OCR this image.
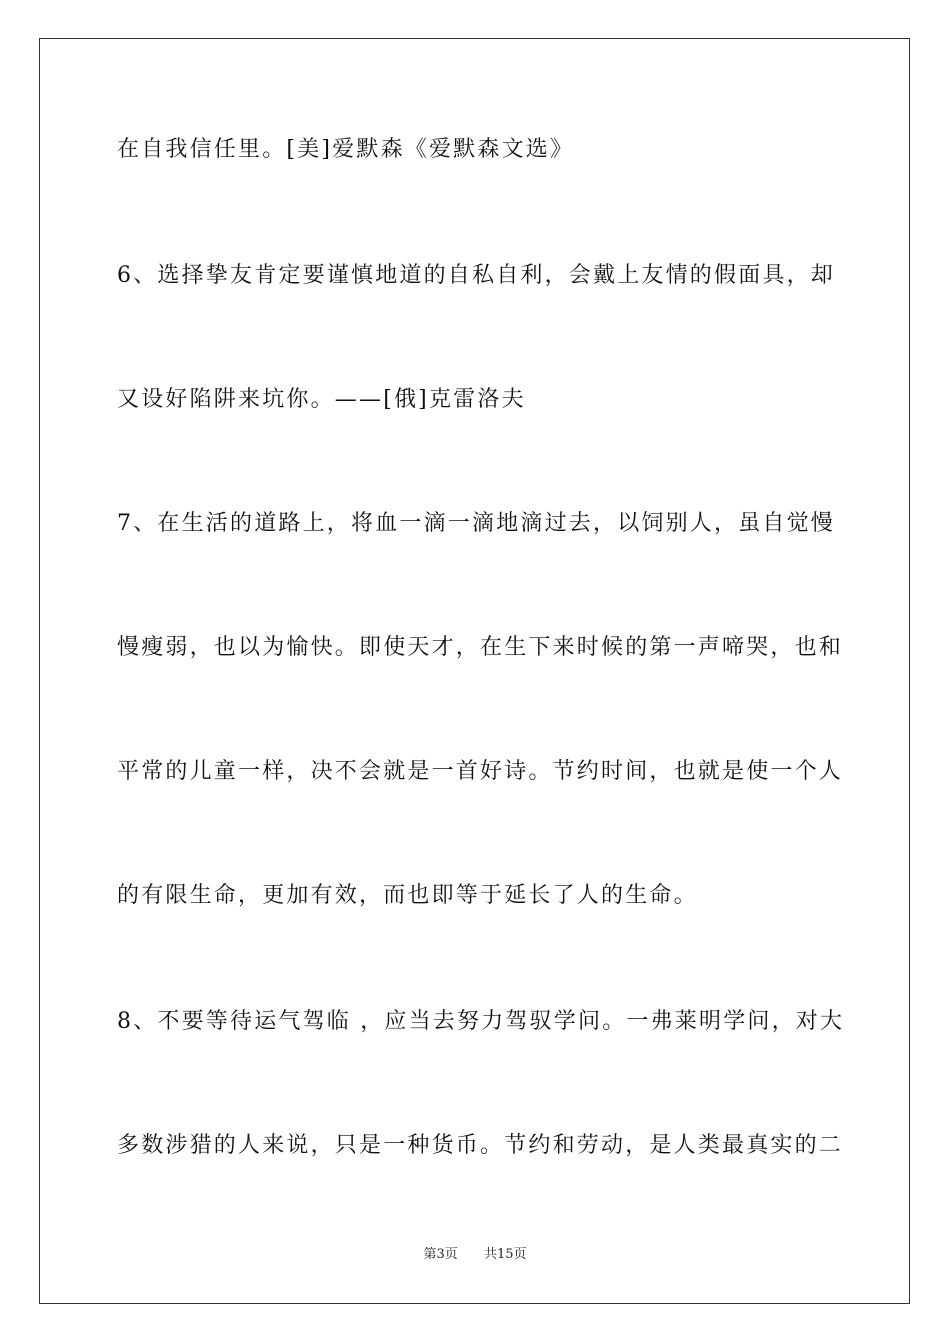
在自我信任里。[美]爱默森《爱默森文选》
6、选择挚友肯定要谨慎地道的自私自利，会戴上友情的假面具，却
又设好陷阱来坑你。——[俄]克雷洛夫
7、在生活的道路上，将血一滴一滴地滴过去，以饲别人，虽自觉慢
慢瘦弱，也以为愉快。即使天才，在生下来时候的第一声啼哭，也和
平常的儿童一样，决不会就是一首好诗。节约时间，也就是使一个人
的有限生命，更加有效，而也即等于延长了人的生命。
8、不要等待运气驾临 ，应当去努力驾驭学问。一弗莱明学问，对大
多数涉猎的人来说，只是一种货币。节约和劳动，是人类最真实的二
第3页 共15页
